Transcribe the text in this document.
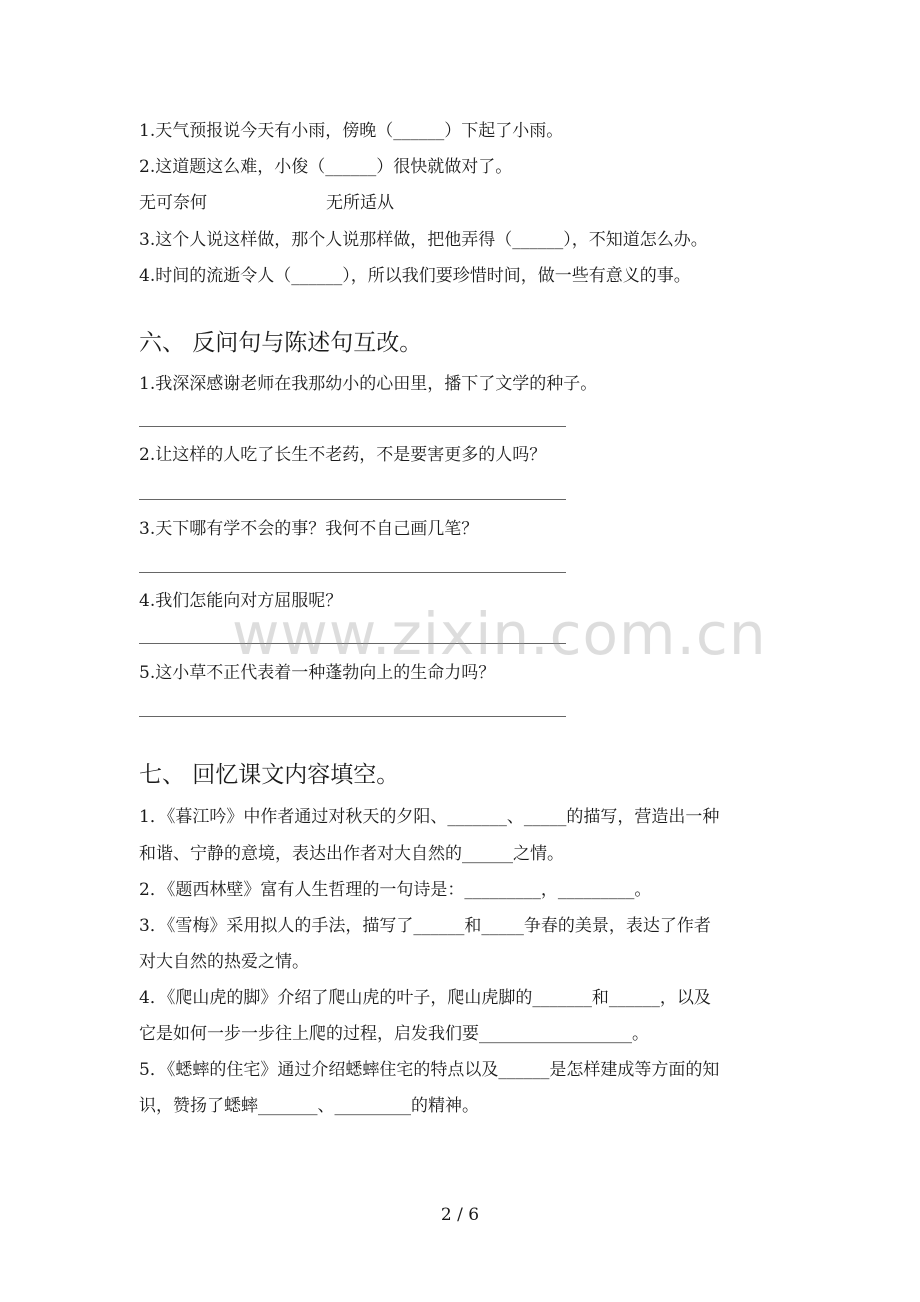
1.天气预报说今天有小雨，傍晚（______）下起了小雨。
2.这道题这么难，小俊（______）很快就做对了。
无可奈何	无所适从
3.这个人说这样做，那个人说那样做，把他弄得（______），不知道怎么办。
4.时间的流逝令人（______），所以我们要珍惜时间，做一些有意义的事。
六、 反问句与陈述句互改。
1.我深深感谢老师在我那幼小的心田里，播下了文学的种子。
2.让这样的人吃了长生不老药，不是要害更多的人吗？
3.天下哪有学不会的事？我何不自己画几笔？
4.我们怎能向对方屈服呢？
5.这小草不正代表着一种蓬勃向上的生命力吗？
七、 回忆课文内容填空。
1．《暮江吟》中作者通过对秋天的夕阳、_______、_____的描写，营造出一种
和谐、宁静的意境，表达出作者对大自然的______之情。
2．《题西林壁》富有人生哲理的一句诗是：_________，_________。
3．《雪梅》采用拟人的手法，描写了______和_____争春的美景，表达了作者
对大自然的热爱之情。
4．《爬山虎的脚》介绍了爬山虎的叶子，爬山虎脚的_______和______，以及
它是如何一步一步往上爬的过程，启发我们要__________________。
5．《蟋蟀的住宅》通过介绍蟋蟀住宅的特点以及______是怎样建成等方面的知
识，赞扬了蟋蟀_______、_________的精神。
www.zixin.com.cn
2 / 6
